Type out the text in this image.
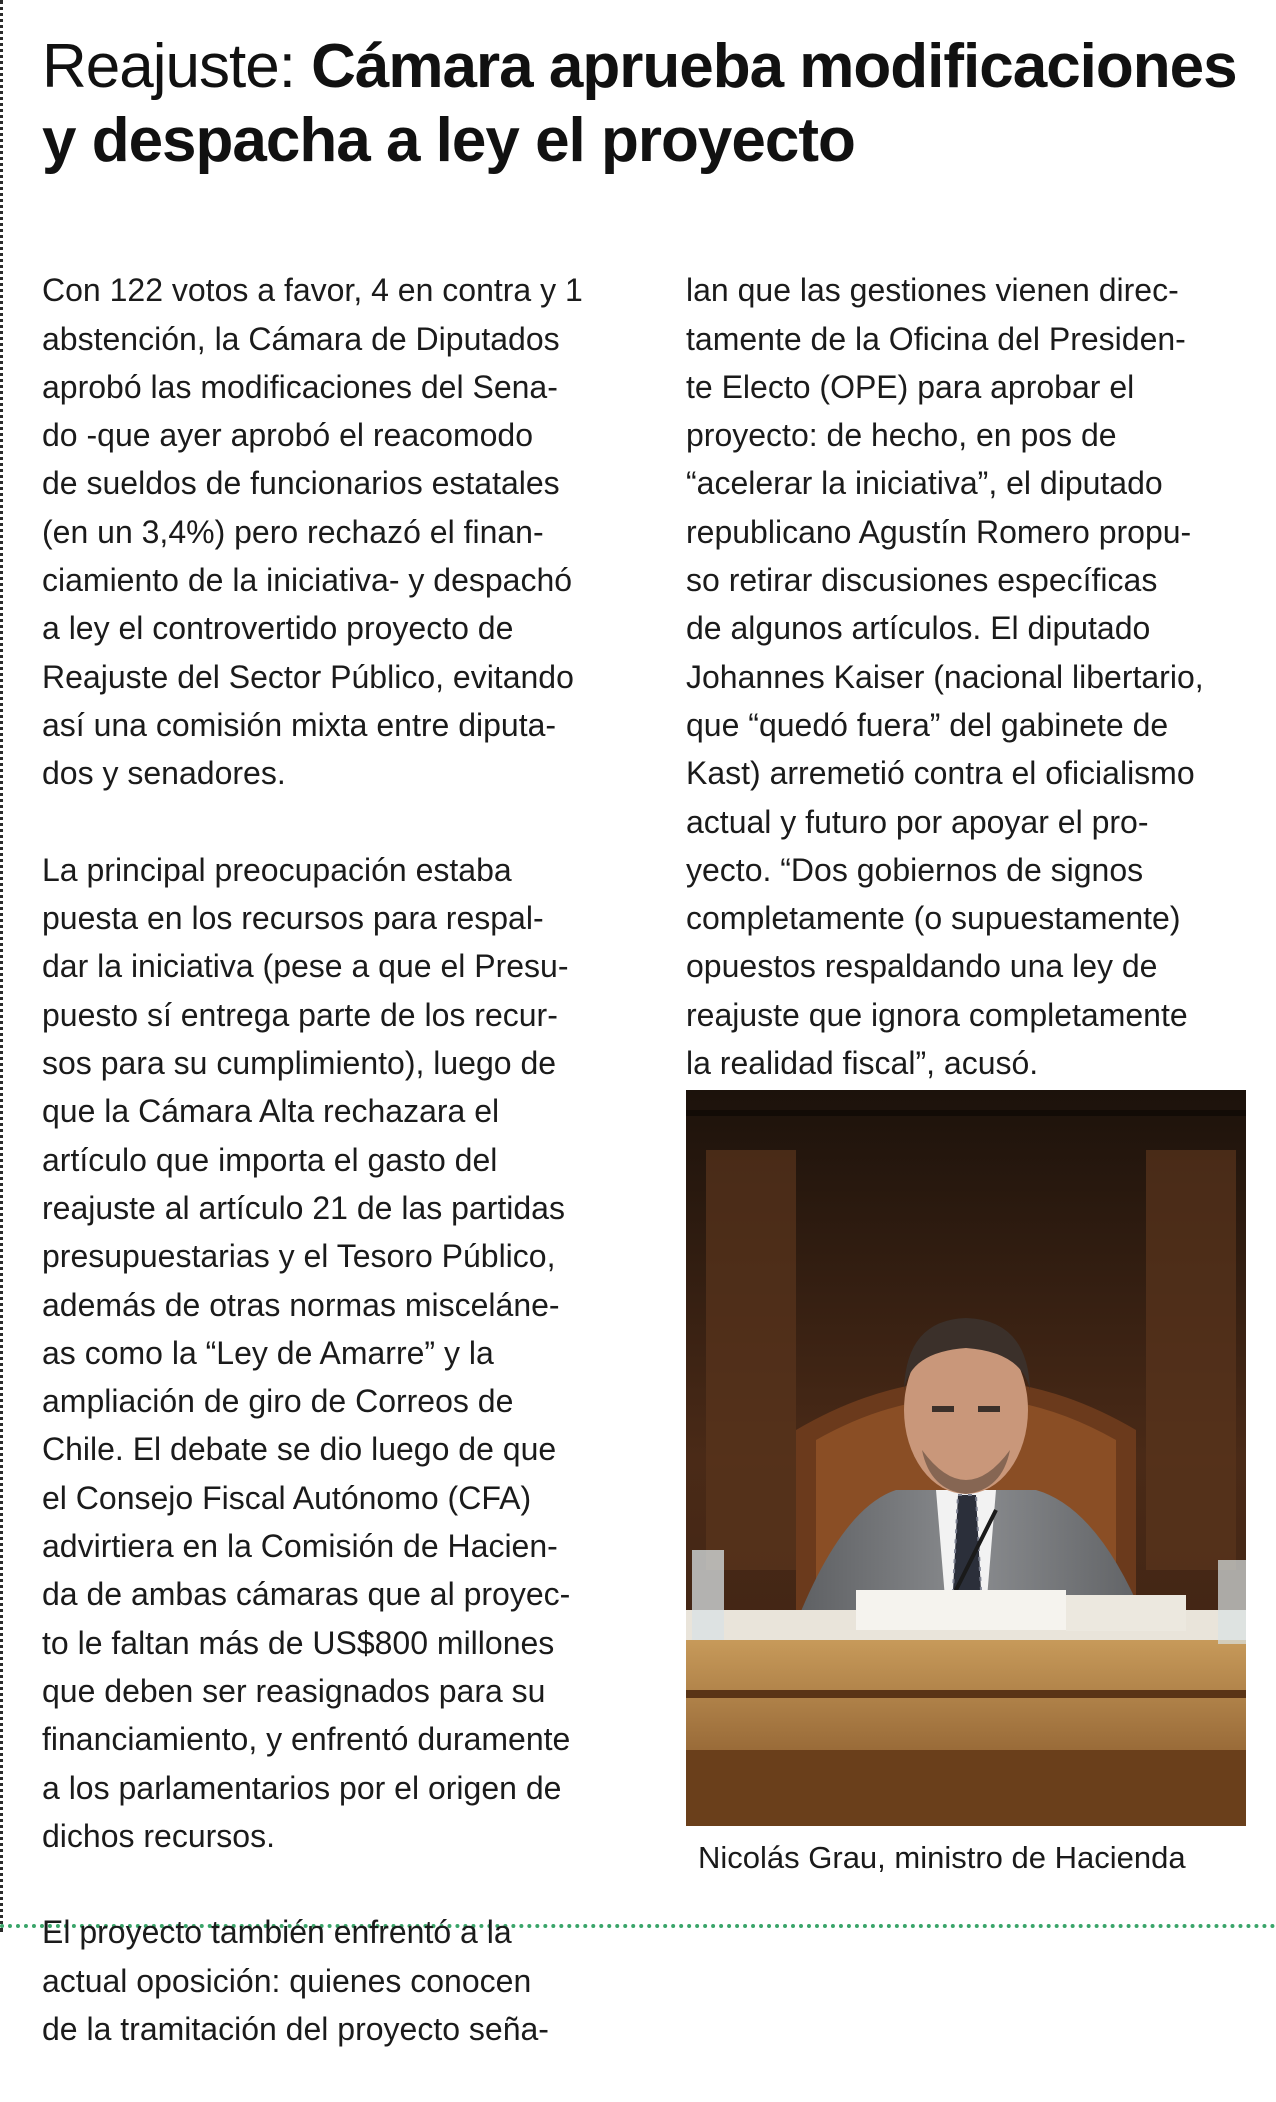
Reajuste: Cámara aprueba modificaciones y despacha a ley el proyecto

Con 122 votos a favor, 4 en contra y 1
abstención, la Cámara de Diputados
aprobó las modificaciones del Sena-
do -que ayer aprobó el reacomodo
de sueldos de funcionarios estatales
(en un 3,4%) pero rechazó el finan-
ciamiento de la iniciativa- y despachó
a ley el controvertido proyecto de
Reajuste del Sector Público, evitando
así una comisión mixta entre diputa-
dos y senadores.

La principal preocupación estaba
puesta en los recursos para respal-
dar la iniciativa (pese a que el Presu-
puesto sí entrega parte de los recur-
sos para su cumplimiento), luego de
que la Cámara Alta rechazara el
artículo que importa el gasto del
reajuste al artículo 21 de las partidas
presupuestarias y el Tesoro Público,
además de otras normas misceláne-
as como la “Ley de Amarre” y la
ampliación de giro de Correos de
Chile. El debate se dio luego de que
el Consejo Fiscal Autónomo (CFA)
advirtiera en la Comisión de Hacien-
da de ambas cámaras que al proyec-
to le faltan más de US$800 millones
que deben ser reasignados para su
financiamiento, y enfrentó duramente
a los parlamentarios por el origen de
dichos recursos.

El proyecto también enfrentó a la
actual oposición: quienes conocen
de la tramitación del proyecto seña-

lan que las gestiones vienen direc-
tamente de la Oficina del Presiden-
te Electo (OPE) para aprobar el
proyecto: de hecho, en pos de
“acelerar la iniciativa”, el diputado
republicano Agustín Romero propu-
so retirar discusiones específicas
de algunos artículos. El diputado
Johannes Kaiser (nacional libertario,
que “quedó fuera” del gabinete de
Kast) arremetió contra el oficialismo
actual y futuro por apoyar el pro-
yecto. “Dos gobiernos de signos
completamente (o supuestamente)
opuestos respaldando una ley de
reajuste que ignora completamente
la realidad fiscal”, acusó.

Nicolás Grau, ministro de Hacienda
